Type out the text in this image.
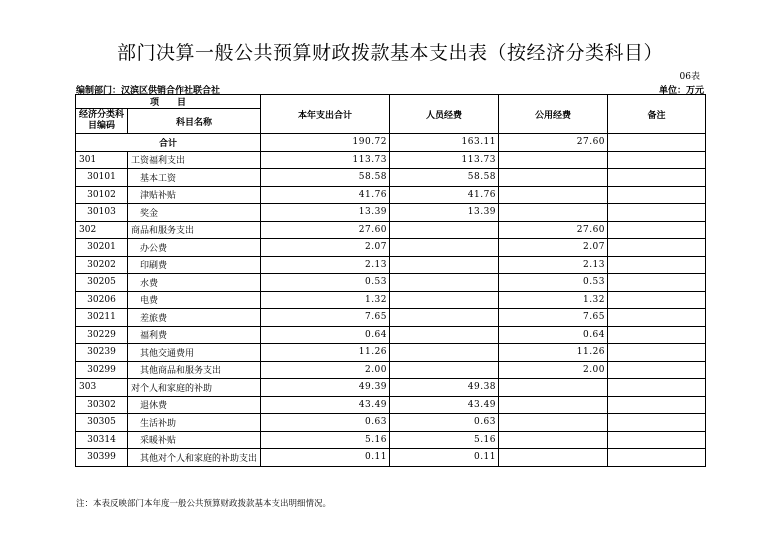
部门决算一般公共预算财政拨款基本支出表（按经济分类科目）
06表
编制部门：汉滨区供销合作社联合社	单位：万元
项　　目		本年支出合计	人员经费	公用经费	备注
经济分类科目编码	科目名称				
合计		190.72	163.11	27.60	
301	工资福利支出	113.73	113.73		
30101	基本工资	58.58	58.58		
30102	津贴补贴	41.76	41.76		
30103	奖金	13.39	13.39		
302	商品和服务支出	27.60		27.60	
30201	办公费	2.07		2.07	
30202	印刷费	2.13		2.13	
30205	水费	0.53		0.53	
30206	电费	1.32		1.32	
30211	差旅费	7.65		7.65	
30229	福利费	0.64		0.64	
30239	其他交通费用	11.26		11.26	
30299	其他商品和服务支出	2.00		2.00	
303	对个人和家庭的补助	49.39	49.38		
30302	退休费	43.49	43.49		
30305	生活补助	0.63	0.63		
30314	采暖补贴	5.16	5.16		
30399	其他对个人和家庭的补助支出	0.11	0.11		
注：本表反映部门本年度一般公共预算财政拨款基本支出明细情况。
